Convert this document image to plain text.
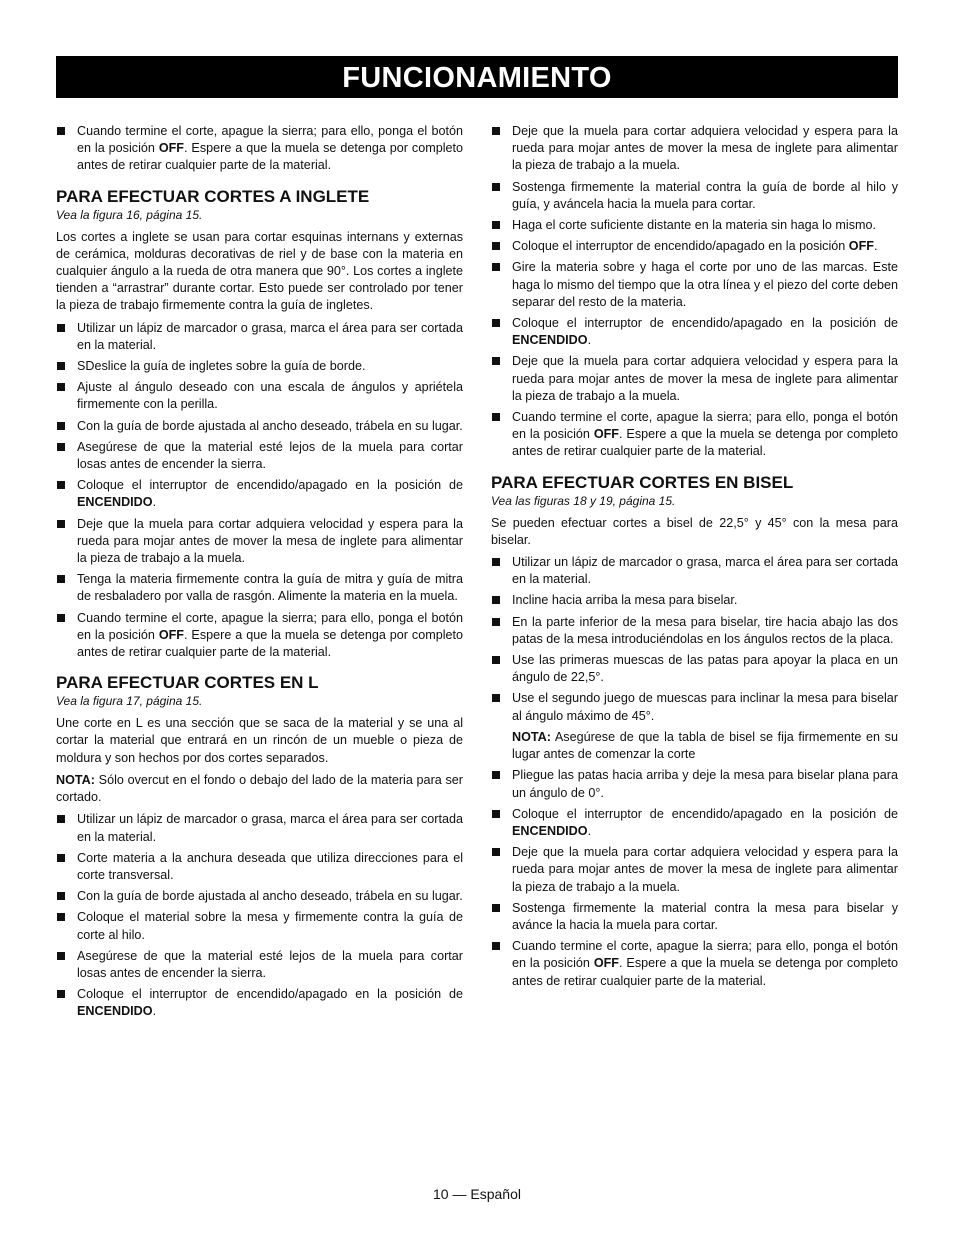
FUNCIONAMIENTO
Cuando termine el corte, apague la sierra; para ello, ponga el botón en la posición OFF. Espere a que la muela se detenga por completo antes de retirar cualquier parte de la material.
PARA EFECTUAR CORTES A INGLETE
Vea la figura 16, página 15.

Los cortes a inglete se usan para cortar esquinas internans y externas de cerámica, molduras decorativas de riel y de base con la materia en cualquier ángulo a la rueda de otra manera que 90°. Los cortes a inglete tienden a “arrastrar” durante cortar. Esto puede ser controlado por tener la pieza de trabajo firmemente contra la guía de ingletes.

Utilizar un lápiz de marcador o grasa, marca el área para ser cortada en la material.
SDeslice la guía de ingletes sobre la guía de borde.
Ajuste al ángulo deseado con una escala de ángulos y apriétela firmemente con la perilla.
Con la guía de borde ajustada al ancho deseado, trábela en su lugar.
Asegúrese de que la material esté lejos de la muela para cortar losas antes de encender la sierra.
Coloque el interruptor de encendido/apagado en la posición de ENCENDIDO.
Deje que la muela para cortar adquiera velocidad y espera para la rueda para mojar antes de mover la mesa de inglete para alimentar la pieza de trabajo a la muela.
Tenga la materia firmemente contra la guía de mitra y guía de mitra de resbaladero por valla de rasgón. Alimente la materia en la muela.
Cuando termine el corte, apague la sierra; para ello, ponga el botón en la posición OFF. Espere a que la muela se detenga por completo antes de retirar cualquier parte de la material.
PARA EFECTUAR CORTES EN L
Vea la figura 17, página 15.

Une corte en L es una sección que se saca de la material y se una al cortar la material que entrará en un rincón de un mueble o pieza de moldura y son hechos por dos cortes separados.

NOTA: Sólo overcut en el fondo o debajo del lado de la materia para ser cortado.

Utilizar un lápiz de marcador o grasa, marca el área para ser cortada en la material.
Corte materia a la anchura deseada que utiliza direcciones para el corte transversal.
Con la guía de borde ajustada al ancho deseado, trábela en su lugar.
Coloque el material sobre la mesa y firmemente contra la guía de corte al hilo.
Asegúrese de que la material esté lejos de la muela para cortar losas antes de encender la sierra.
Coloque el interruptor de encendido/apagado en la posición de ENCENDIDO.
Deje que la muela para cortar adquiera velocidad y espera para la rueda para mojar antes de mover la mesa de inglete para alimentar la pieza de trabajo a la muela.
Sostenga firmemente la material contra la guía de borde al hilo y guía, y aváncela hacia la muela para cortar.
Haga el corte suficiente distante en la materia sin haga lo mismo.
Coloque el interruptor de encendido/apagado en la posición OFF.
Gire la materia sobre y haga el corte por uno de las marcas. Este haga lo mismo del tiempo que la otra línea y el piezo del corte deben separar del resto de la materia.
Coloque el interruptor de encendido/apagado en la posición de ENCENDIDO.
Deje que la muela para cortar adquiera velocidad y espera para la rueda para mojar antes de mover la mesa de inglete para alimentar la pieza de trabajo a la muela.
Cuando termine el corte, apague la sierra; para ello, ponga el botón en la posición OFF. Espere a que la muela se detenga por completo antes de retirar cualquier parte de la material.
PARA EFECTUAR CORTES EN BISEL
Vea las figuras 18 y 19, página 15.

Se pueden efectuar cortes a bisel de 22,5° y 45° con la mesa para biselar.

Utilizar un lápiz de marcador o grasa, marca el área para ser cortada en la material.
Incline hacia arriba la mesa para biselar.
En la parte inferior de la mesa para biselar, tire hacia abajo las dos patas de la mesa introduciéndolas en los ángulos rectos de la placa.
Use las primeras muescas de las patas para apoyar la placa en un ángulo de 22,5°.
Use el segundo juego de muescas para inclinar la mesa para biselar al ángulo máximo de 45°.

NOTA: Asegúrese de que la tabla de bisel se fija firmemente en su lugar antes de comenzar la corte

Pliegue las patas hacia arriba y deje la mesa para biselar plana para un ángulo de 0°.
Coloque el interruptor de encendido/apagado en la posición de ENCENDIDO.
Deje que la muela para cortar adquiera velocidad y espera para la rueda para mojar antes de mover la mesa de inglete para alimentar la pieza de trabajo a la muela.
Sostenga firmemente la material contra la mesa para biselar y avánce la hacia la muela para cortar.
Cuando termine el corte, apague la sierra; para ello, ponga el botón en la posición OFF. Espere a que la muela se detenga por completo antes de retirar cualquier parte de la material.
10 — Español
